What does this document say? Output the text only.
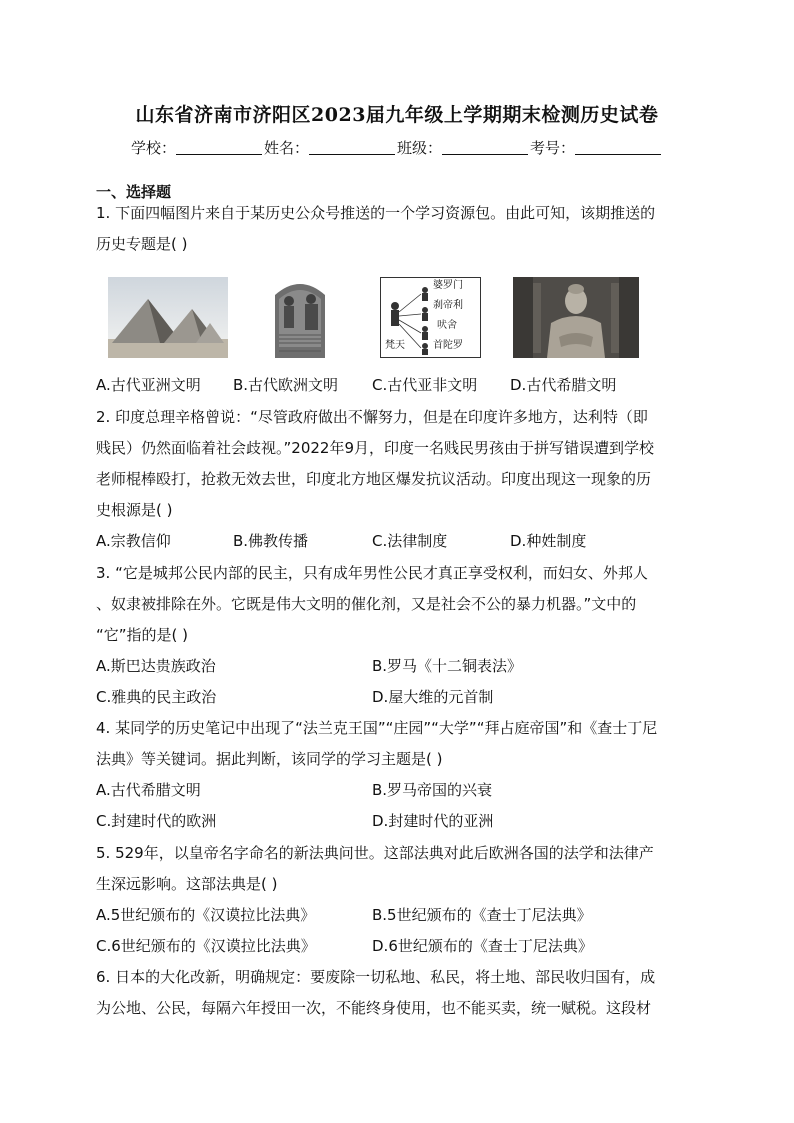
山东省济南市济阳区2023届九年级上学期期末检测历史试卷
学校：	姓名：	班级：	考号：
一、选择题
1. 下面四幅图片来自于某历史公众号推送的一个学习资源包。由此可知，该期推送的
历史专题是( )
婆罗门
刹帝利
吠舍
首陀罗
梵天
A.古代亚洲文明 B.古代欧洲文明 C.古代亚非文明 D.古代希腊文明
2. 印度总理辛格曾说：“尽管政府做出不懈努力，但是在印度许多地方，达利特（即
贱民）仍然面临着社会歧视。”2022年9月，印度一名贱民男孩由于拼写错误遭到学校
老师棍棒殴打，抢救无效去世，印度北方地区爆发抗议活动。印度出现这一现象的历
史根源是( )
A.宗教信仰	B.佛教传播	C.法律制度	D.种姓制度
3. “它是城邦公民内部的民主，只有成年男性公民才真正享受权利，而妇女、外邦人
、奴隶被排除在外。它既是伟大文明的催化剂，又是社会不公的暴力机器。”文中的
“它”指的是( )
A.斯巴达贵族政治	B.罗马《十二铜表法》
C.雅典的民主政治	D.屋大维的元首制
4. 某同学的历史笔记中出现了“法兰克王国”“庄园”“大学”“拜占庭帝国”和《查士丁尼
法典》等关键词。据此判断，该同学的学习主题是( )
A.古代希腊文明	B.罗马帝国的兴衰
C.封建时代的欧洲	D.封建时代的亚洲
5. 529年，以皇帝名字命名的新法典问世。这部法典对此后欧洲各国的法学和法律产
生深远影响。这部法典是( )
A.5世纪颁布的《汉谟拉比法典》	B.5世纪颁布的《查士丁尼法典》
C.6世纪颁布的《汉谟拉比法典》	D.6世纪颁布的《查士丁尼法典》
6. 日本的大化改新，明确规定：要废除一切私地、私民，将土地、部民收归国有，成
为公地、公民，每隔六年授田一次，不能终身使用，也不能买卖，统一赋税。这段材
